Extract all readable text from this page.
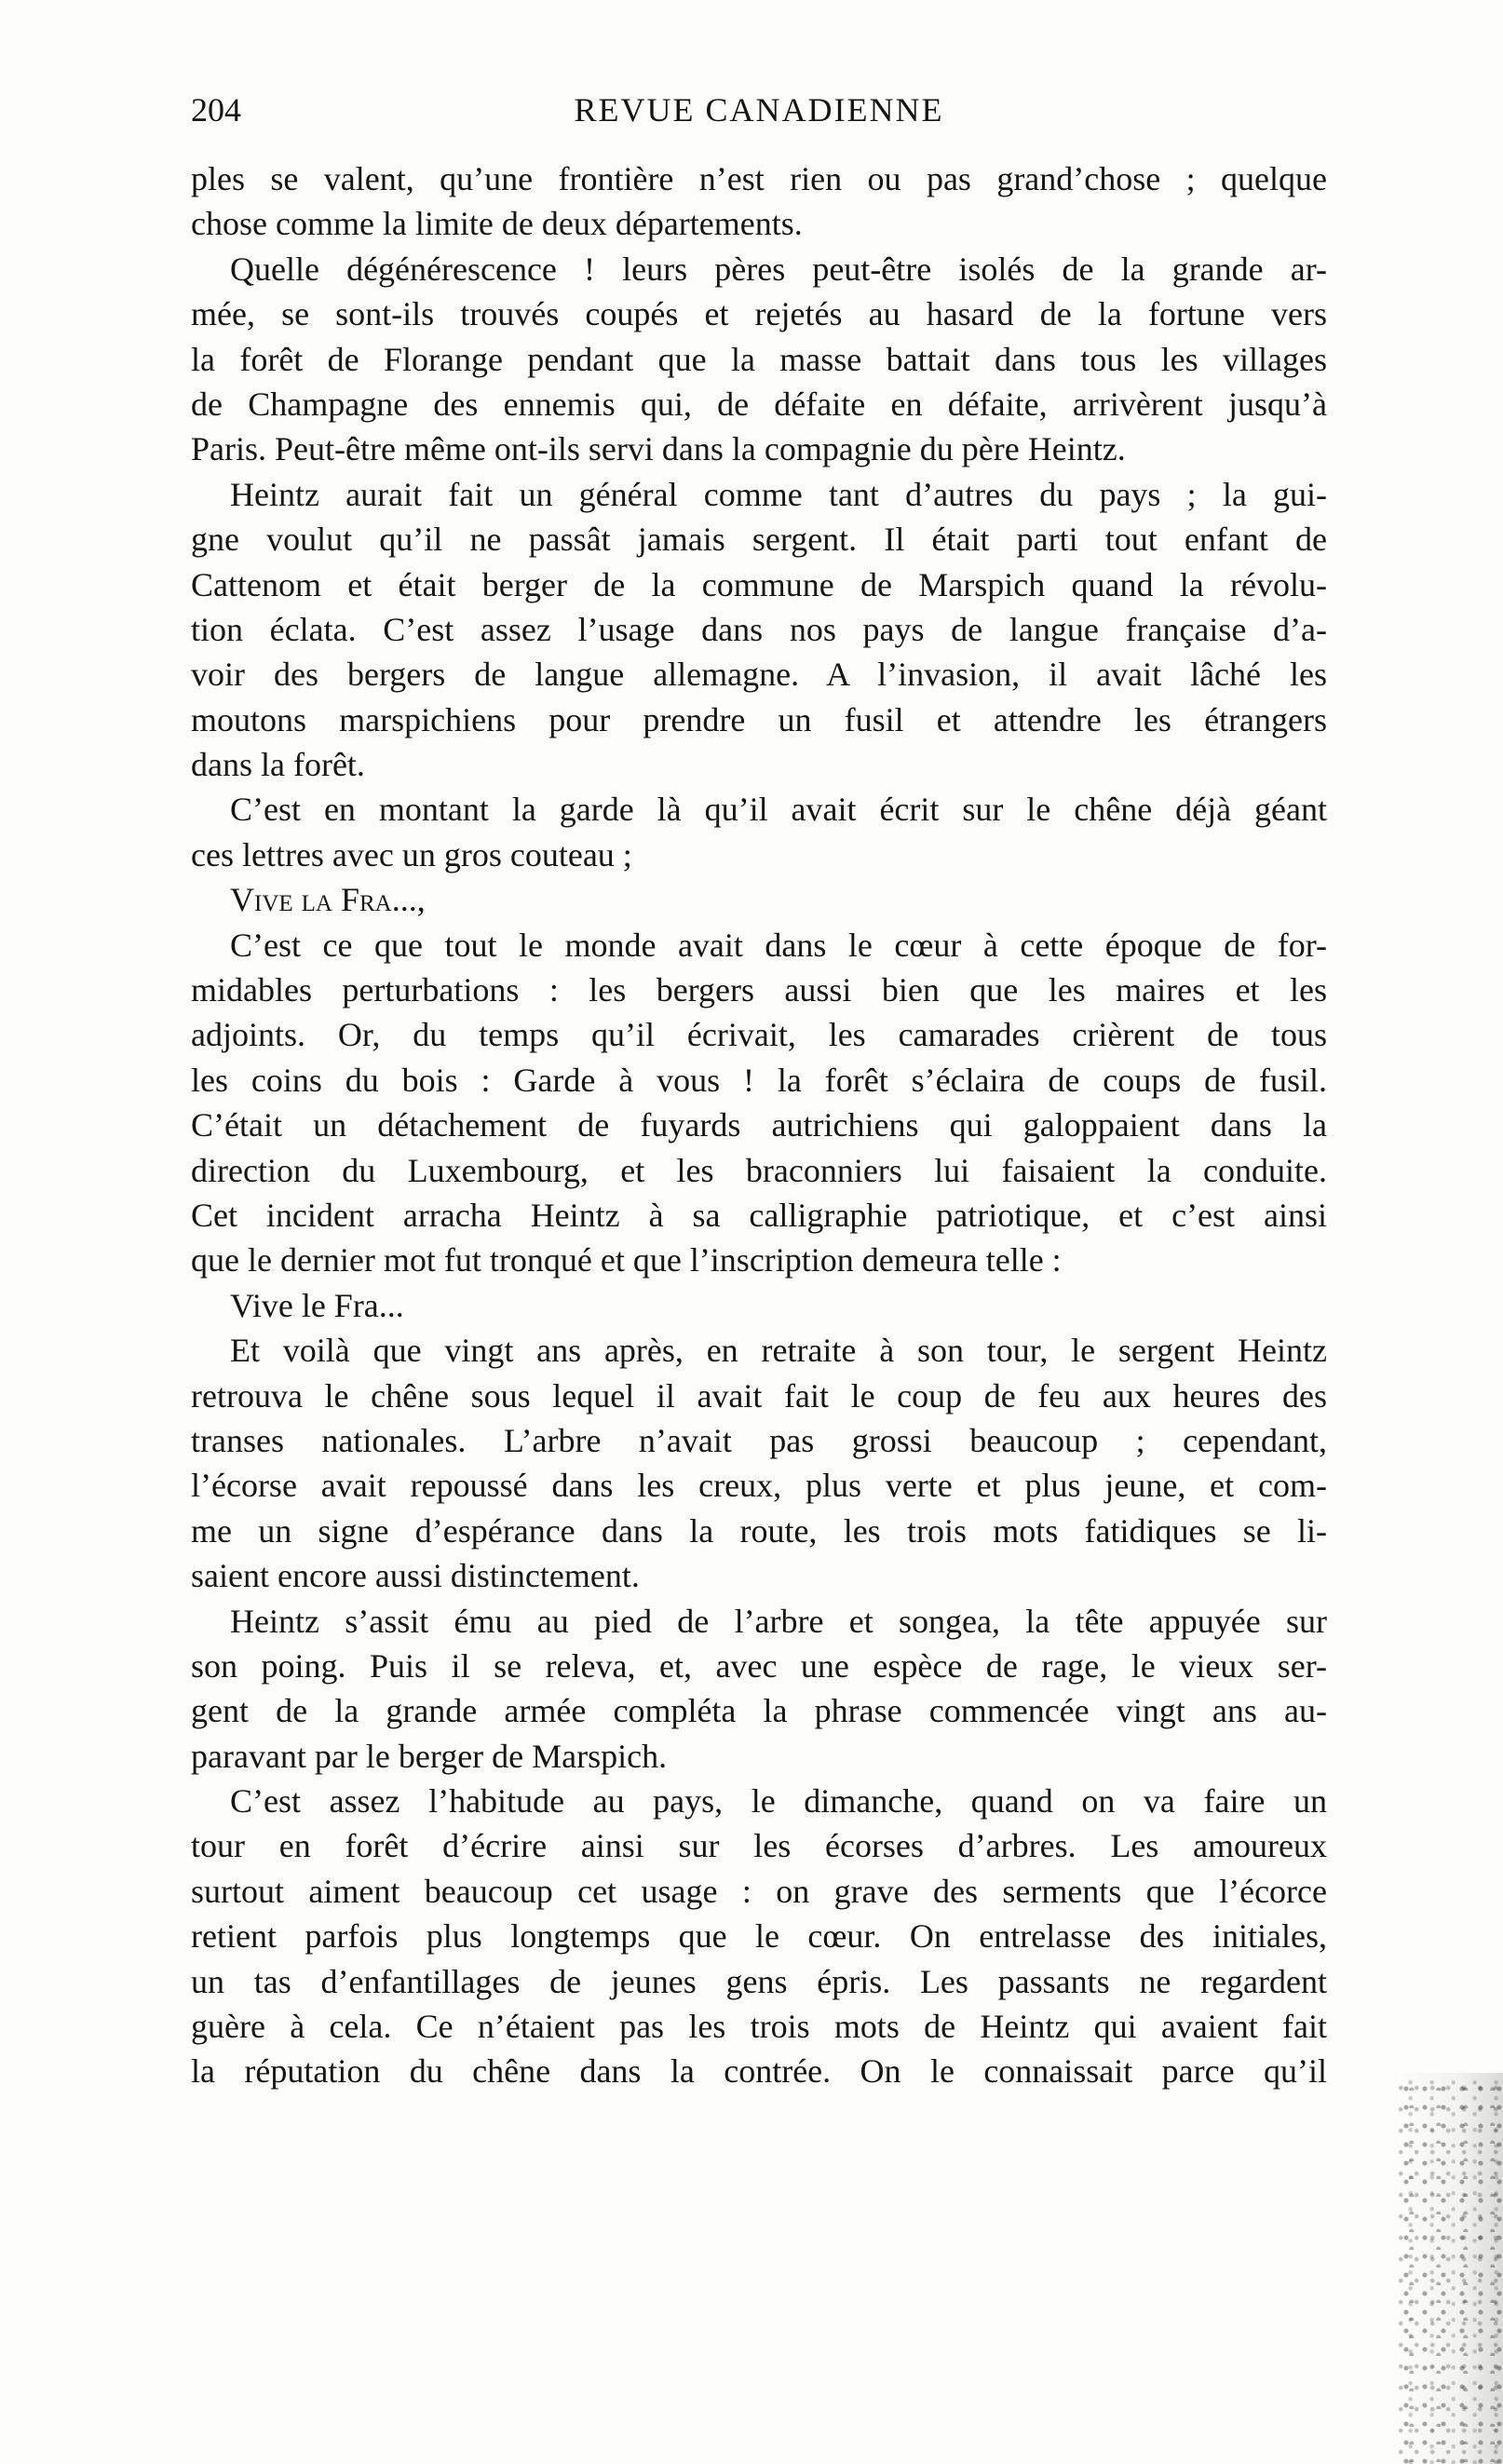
204	REVUE CANADIENNE
ples se valent, qu’une frontière n’est rien ou pas grand’chose ; quelque
chose comme la limite de deux départements.
Quelle dégénérescence ! leurs pères peut-être isolés de la grande ar-
mée, se sont-ils trouvés coupés et rejetés au hasard de la fortune vers
la forêt de Florange pendant que la masse battait dans tous les villages
de Champagne des ennemis qui, de défaite en défaite, arrivèrent jusqu’à
Paris. Peut-être même ont-ils servi dans la compagnie du père Heintz.
Heintz aurait fait un général comme tant d’autres du pays ; la gui-
gne voulut qu’il ne passât jamais sergent. Il était parti tout enfant de
Cattenom et était berger de la commune de Marspich quand la révolu-
tion éclata. C’est assez l’usage dans nos pays de langue française d’a-
voir des bergers de langue allemagne. A l’invasion, il avait lâché les
moutons marspichiens pour prendre un fusil et attendre les étrangers
dans la forêt.
C’est en montant la garde là qu’il avait écrit sur le chêne déjà géant
ces lettres avec un gros couteau ;
Vive la Fra...,
C’est ce que tout le monde avait dans le cœur à cette époque de for-
midables perturbations : les bergers aussi bien que les maires et les
adjoints. Or, du temps qu’il écrivait, les camarades crièrent de tous
les coins du bois : Garde à vous ! la forêt s’éclaira de coups de fusil.
C’était un détachement de fuyards autrichiens qui galoppaient dans la
direction du Luxembourg, et les braconniers lui faisaient la conduite.
Cet incident arracha Heintz à sa calligraphie patriotique, et c’est ainsi
que le dernier mot fut tronqué et que l’inscription demeura telle :
Vive le Fra...
Et voilà que vingt ans après, en retraite à son tour, le sergent Heintz
retrouva le chêne sous lequel il avait fait le coup de feu aux heures des
transes nationales. L’arbre n’avait pas grossi beaucoup ; cependant,
l’écorse avait repoussé dans les creux, plus verte et plus jeune, et com-
me un signe d’espérance dans la route, les trois mots fatidiques se li-
saient encore aussi distinctement.
Heintz s’assit ému au pied de l’arbre et songea, la tête appuyée sur
son poing. Puis il se releva, et, avec une espèce de rage, le vieux ser-
gent de la grande armée compléta la phrase commencée vingt ans au-
paravant par le berger de Marspich.
C’est assez l’habitude au pays, le dimanche, quand on va faire un
tour en forêt d’écrire ainsi sur les écorses d’arbres. Les amoureux
surtout aiment beaucoup cet usage : on grave des serments que l’écorce
retient parfois plus longtemps que le cœur. On entrelasse des initiales,
un tas d’enfantillages de jeunes gens épris. Les passants ne regardent
guère à cela. Ce n’étaient pas les trois mots de Heintz qui avaient fait
la réputation du chêne dans la contrée. On le connaissait parce qu’il
